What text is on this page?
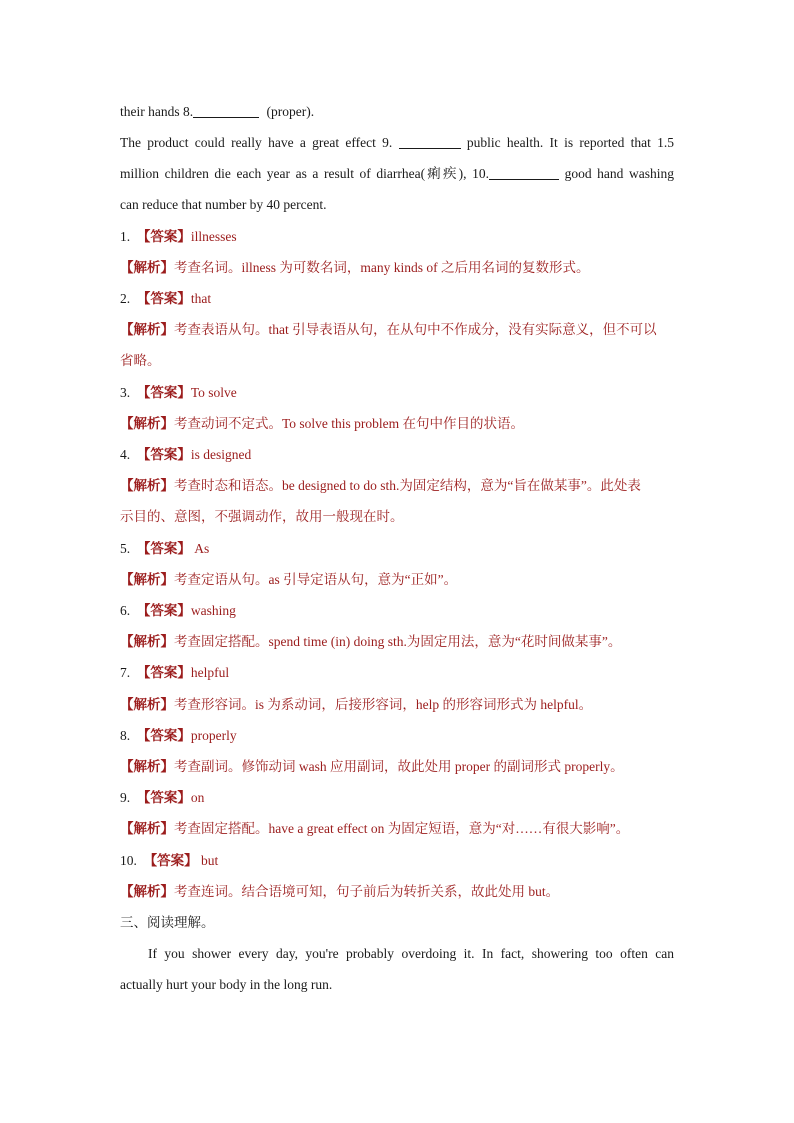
their hands 8.	(proper).
The product could really have a great effect 9.	public health. It is reported that 1.5
million children die each year as a result of diarrhea(痢疾), 10.	good hand washing
can reduce that number by 40 percent.
1. 【答案】illnesses
【解析】考查名词。illness 为可数名词，many kinds of 之后用名词的复数形式。
2. 【答案】that
【解析】考查表语从句。that 引导表语从句，在从句中不作成分，没有实际意义，但不可以
省略。
3. 【答案】To solve
【解析】考查动词不定式。To solve this problem 在句中作目的状语。
4. 【答案】is designed
【解析】考查时态和语态。be designed to do sth.为固定结构，意为“旨在做某事”。此处表
示目的、意图，不强调动作，故用一般现在时。
5. 【答案】 As
【解析】考查定语从句。as 引导定语从句，意为“正如”。
6. 【答案】washing
【解析】考查固定搭配。spend time (in) doing sth.为固定用法，意为“花时间做某事”。
7. 【答案】helpful
【解析】考查形容词。is 为系动词，后接形容词，help 的形容词形式为 helpful。
8. 【答案】properly
【解析】考查副词。修饰动词 wash 应用副词，故此处用 proper 的副词形式 properly。
9. 【答案】on
【解析】考查固定搭配。have a great effect on 为固定短语，意为“对……有很大影响”。
10. 【答案】 but
【解析】考查连词。结合语境可知，句子前后为转折关系，故此处用 but。
三、阅读理解。
If you shower every day, you're probably overdoing it. In fact, showering too often can
actually hurt your body in the long run.
